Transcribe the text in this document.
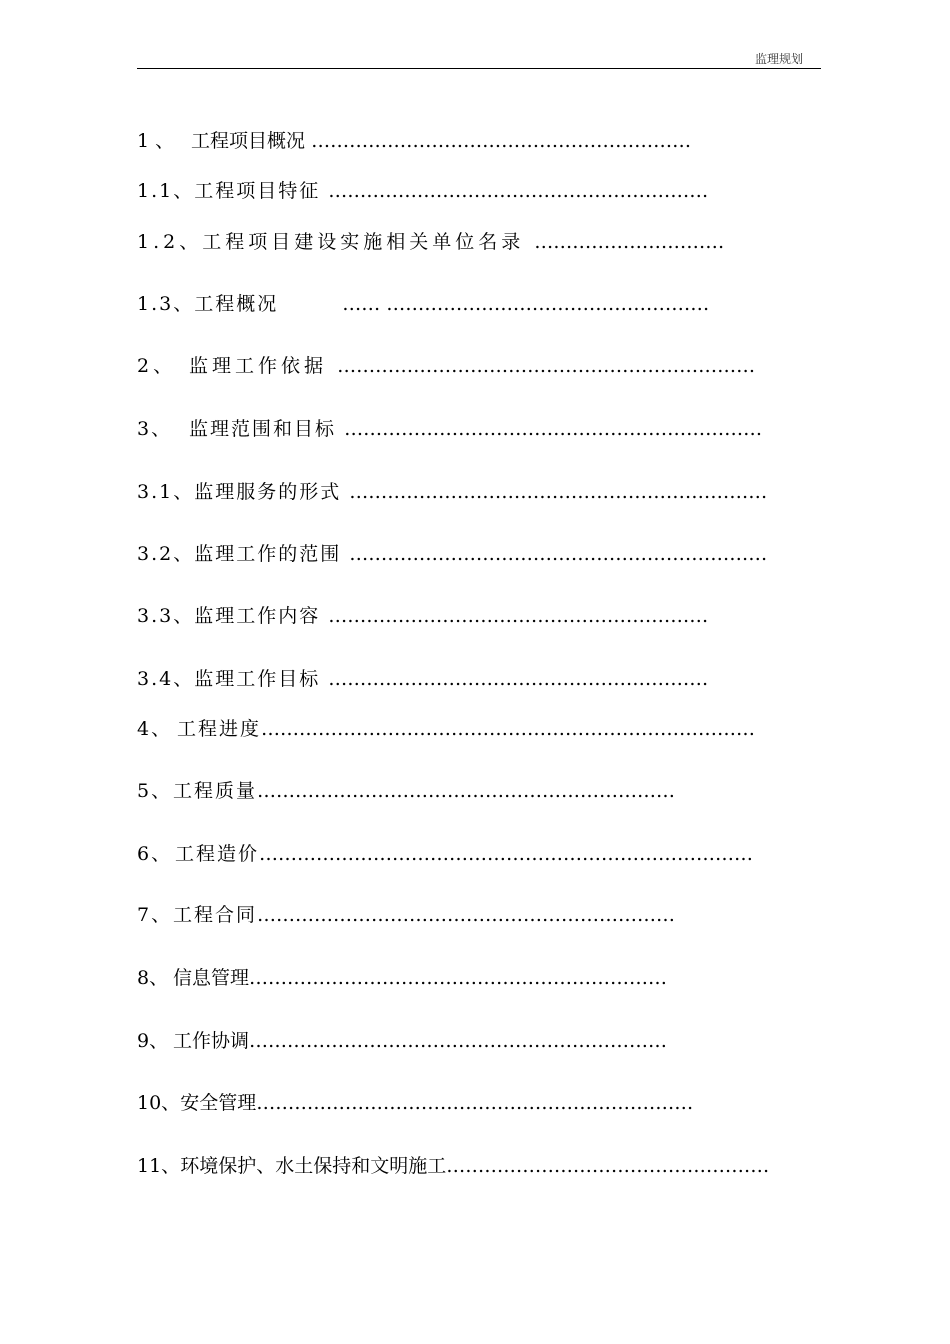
监理规划
1 、 工程项目概况 ……………………………………………………
1.1、工程项目特征 ……………………………………………………
1.2、工程项目建设实施相关单位名录 …………………………
1.3、工程概况	…… ……………………………………………
2、 监理工作依据 …………………………………………………………
3、 监理范围和目标 …………………………………………………………
3.1、监理服务的形式 …………………………………………………………
3.2、监理工作的范围 …………………………………………………………
3.3、监理工作内容 ……………………………………………………
3.4、监理工作目标 ……………………………………………………
4、 工程进度……………………………………………………………………
5、工程质量…………………………………………………………
6、 工程造价……………………………………………………………………
7、工程合同…………………………………………………………
8、 信息管理…………………………………………………………
9、 工作协调…………………………………………………………
10、安全管理……………………………………………………………
11、环境保护、水土保持和文明施工……………………………………………
